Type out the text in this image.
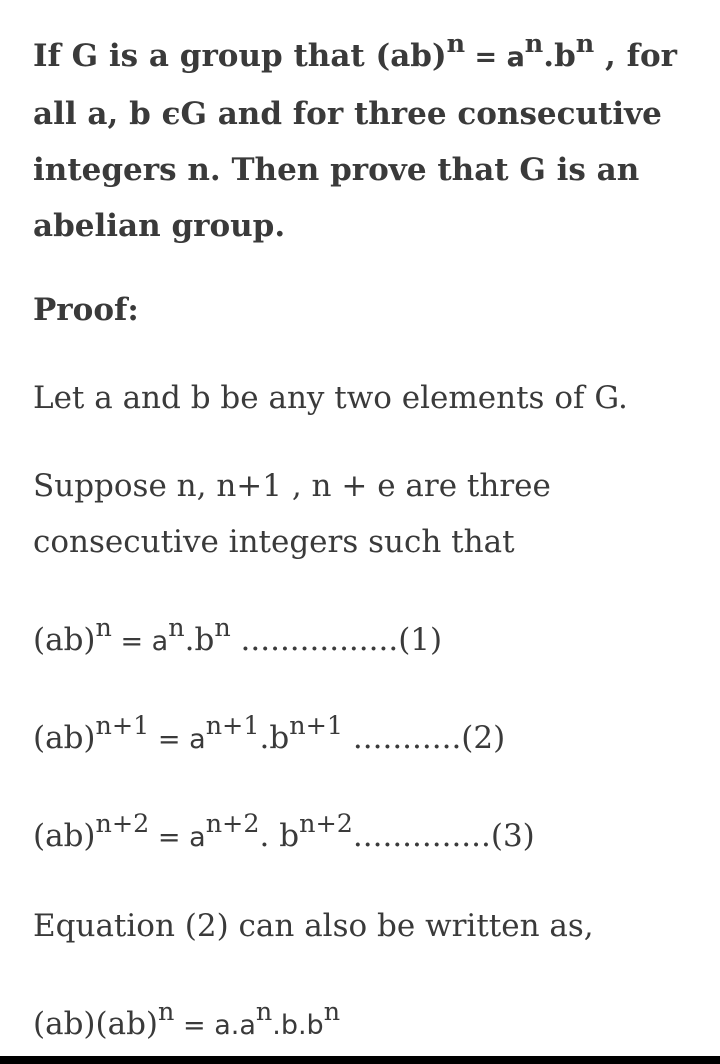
If G is a group that $(ab)^n = a^n.b^n$ , for all a, b ϵG and for three consecutive integers n. Then prove that G is an abelian group.
Proof:
Let a and b be any two elements of G.
Suppose n, n+1 , n + e are three
consecutive integers such that
$(ab)^n = a^n.b^n$ ................(1)
$(ab)^{n+1} = a^{n+1}.b^{n+1}$ ...........(2)
$(ab)^{n+2} = a^{n+2}$. $b^{n+2}..............(3)$
Equation (2) can also be written as,
$(ab)(ab)^n = a.a^n.b.b^n$
